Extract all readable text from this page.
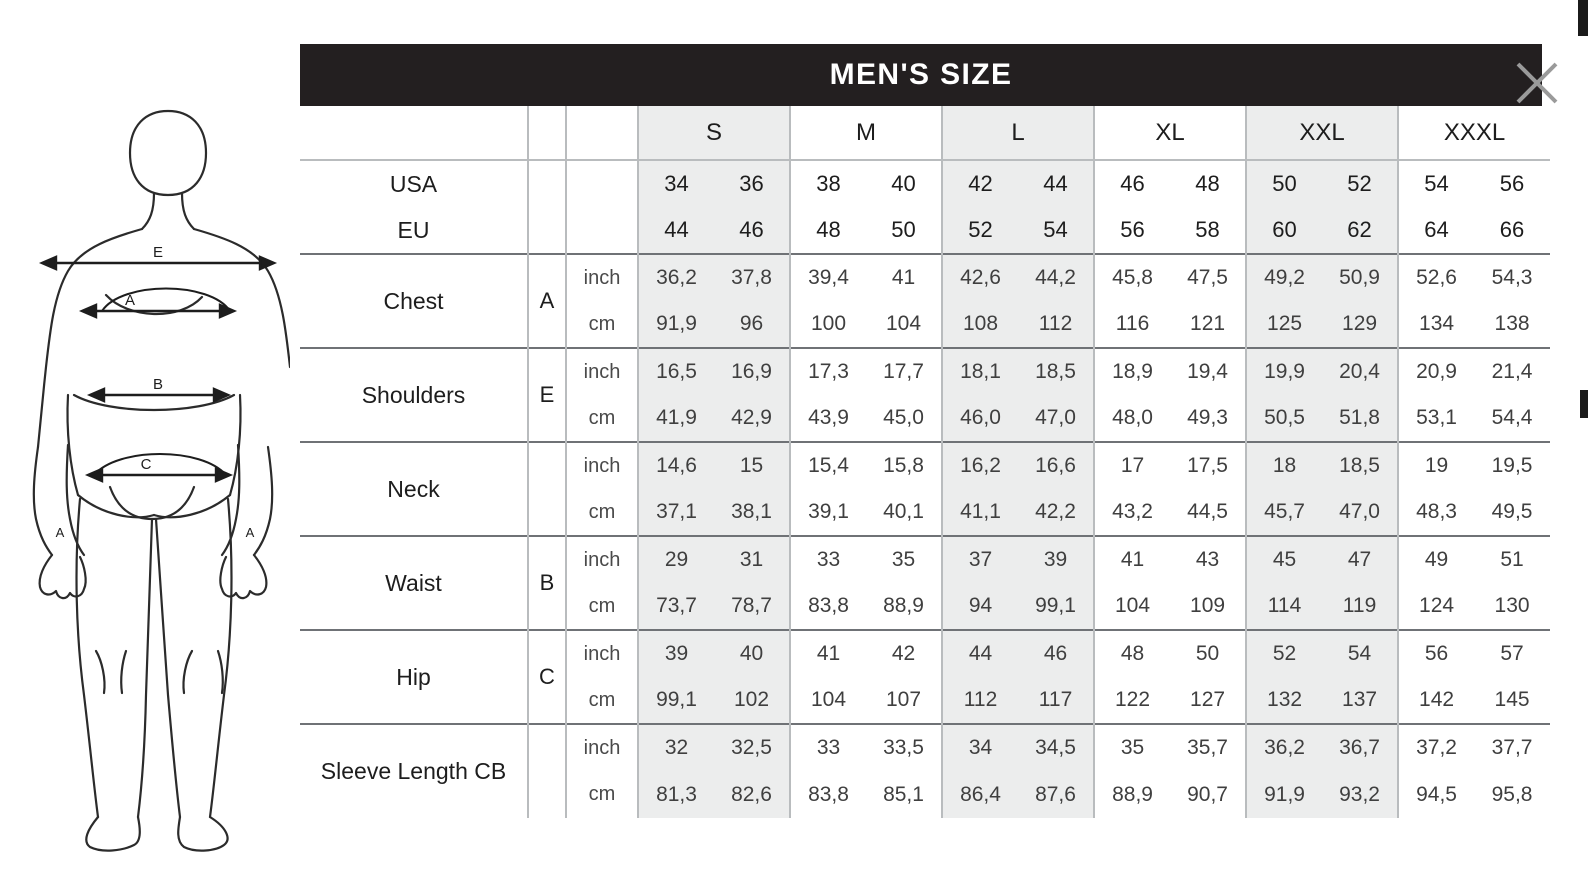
E
A
B
C
A	A
MEN'S SIZE
			S		M		L		XL		XXL		XXXL	
USA			34	36	38	40	42	44	46	48	50	52	54	56
EU			44	46	48	50	52	54	56	58	60	62	64	66
Chest	A	inch	36,2	37,8	39,4	41	42,6	44,2	45,8	47,5	49,2	50,9	52,6	54,3
		cm	91,9	96	100	104	108	112	116	121	125	129	134	138
Shoulders	E	inch	16,5	16,9	17,3	17,7	18,1	18,5	18,9	19,4	19,9	20,4	20,9	21,4
		cm	41,9	42,9	43,9	45,0	46,0	47,0	48,0	49,3	50,5	51,8	53,1	54,4
Neck		inch	14,6	15	15,4	15,8	16,2	16,6	17	17,5	18	18,5	19	19,5
		cm	37,1	38,1	39,1	40,1	41,1	42,2	43,2	44,5	45,7	47,0	48,3	49,5
Waist	B	inch	29	31	33	35	37	39	41	43	45	47	49	51
		cm	73,7	78,7	83,8	88,9	94	99,1	104	109	114	119	124	130
Hip	C	inch	39	40	41	42	44	46	48	50	52	54	56	57
		cm	99,1	102	104	107	112	117	122	127	132	137	142	145
Sleeve Length CB		inch	32	32,5	33	33,5	34	34,5	35	35,7	36,2	36,7	37,2	37,7
		cm	81,3	82,6	83,8	85,1	86,4	87,6	88,9	90,7	91,9	93,2	94,5	95,8
